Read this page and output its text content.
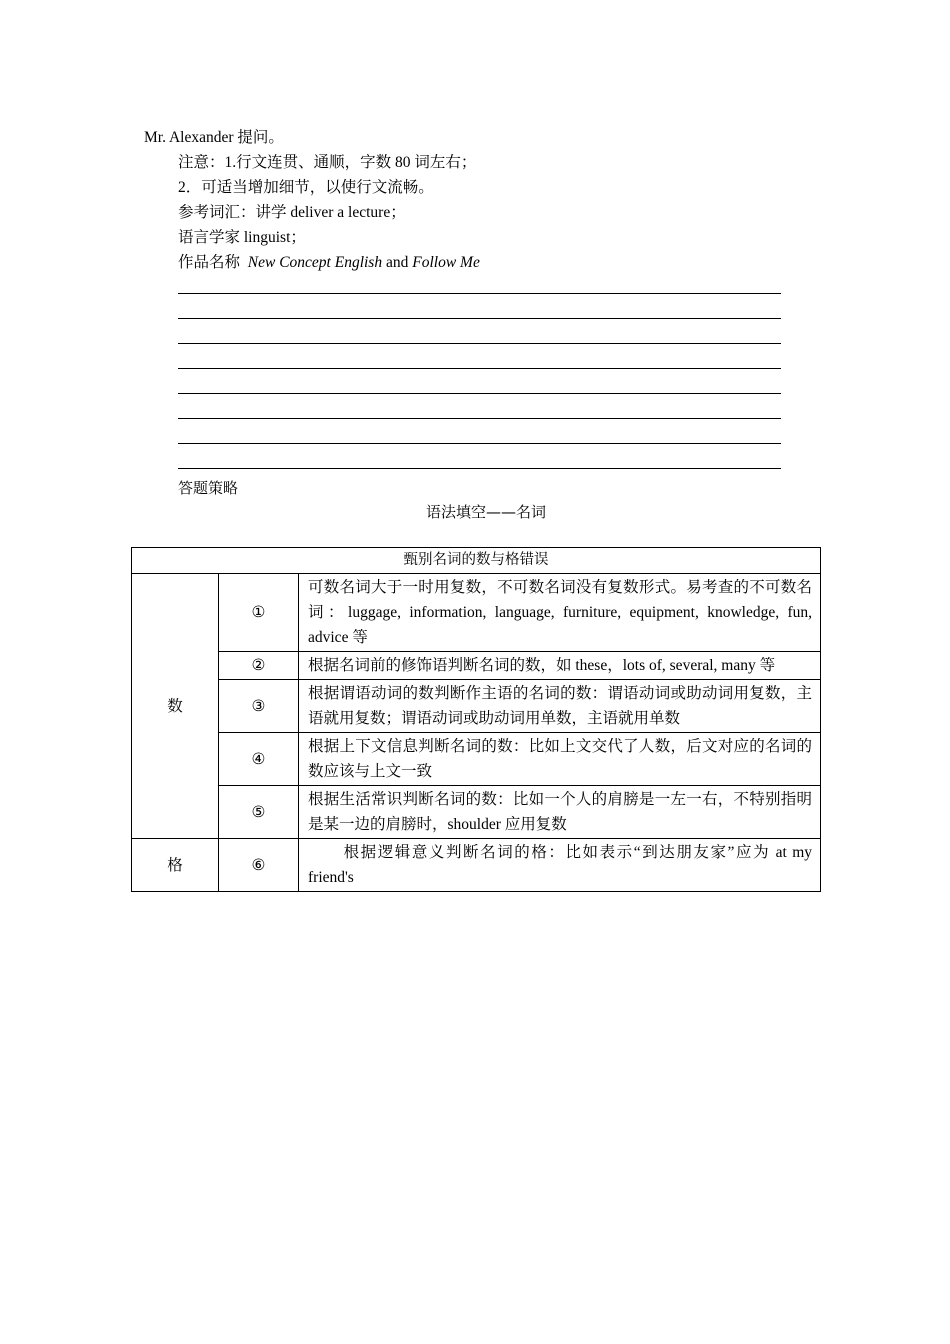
Mr. Alexander 提问。
注意：1.行文连贯、通顺，字数 80 词左右；
2．可适当增加细节，以使行文流畅。
参考词汇：讲学 deliver a lecture；
语言学家 linguist；
作品名称  New Concept English and Follow Me
答题策略
语法填空——名词
甄别名词的数与格错误		
数	①	可数名词大于一时用复数，不可数名词没有复数形式。易考查的不可数名词：luggage, information, language, furniture, equipment, knowledge, fun, advice 等
	②	根据名词前的修饰语判断名词的数，如 these，lots of, several, many 等
	③	根据谓语动词的数判断作主语的名词的数：谓语动词或助动词用复数，主语就用复数；谓语动词或助动词用单数，主语就用单数
	④	根据上下文信息判断名词的数：比如上文交代了人数，后文对应的名词的数应该与上文一致
	⑤	根据生活常识判断名词的数：比如一个人的肩膀是一左一右，不特别指明是某一边的肩膀时，shoulder 应用复数
格	⑥	根据逻辑意义判断名词的格：比如表示“到达朋友家”应为 at my friend's
